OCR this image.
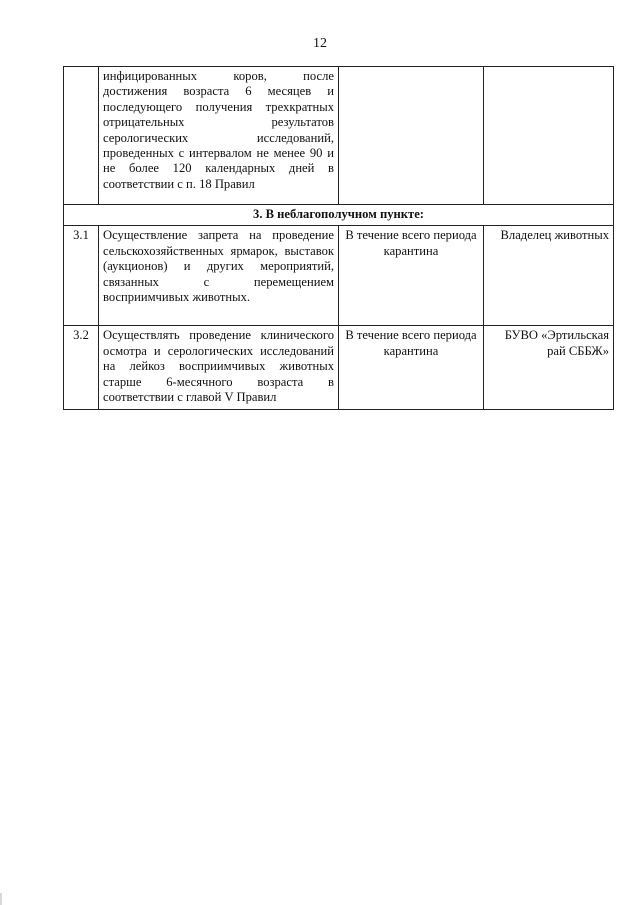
12
	инфицированных коров, после достижения возраста 6 месяцев и последующего получения трехкратных отрицательных результатов серологических исследований, проведенных с интервалом не менее 90 и не более 120 календарных дней в соответствии с п. 18 Правил		
3. В неблагополучном пункте:			
3.1	Осуществление запрета на проведение сельскохозяйственных ярмарок, выставок (аукционов) и других мероприятий, связанных с перемещением восприимчивых животных.	В течение всего периода карантина	Владелец животных
3.2	Осуществлять проведение клинического осмотра и серологических исследований на лейкоз восприимчивых животных старше 6-месячного возраста в соответствии с главой V Правил	В течение всего периода карантина	БУВО «Эртильская рай СББЖ»
